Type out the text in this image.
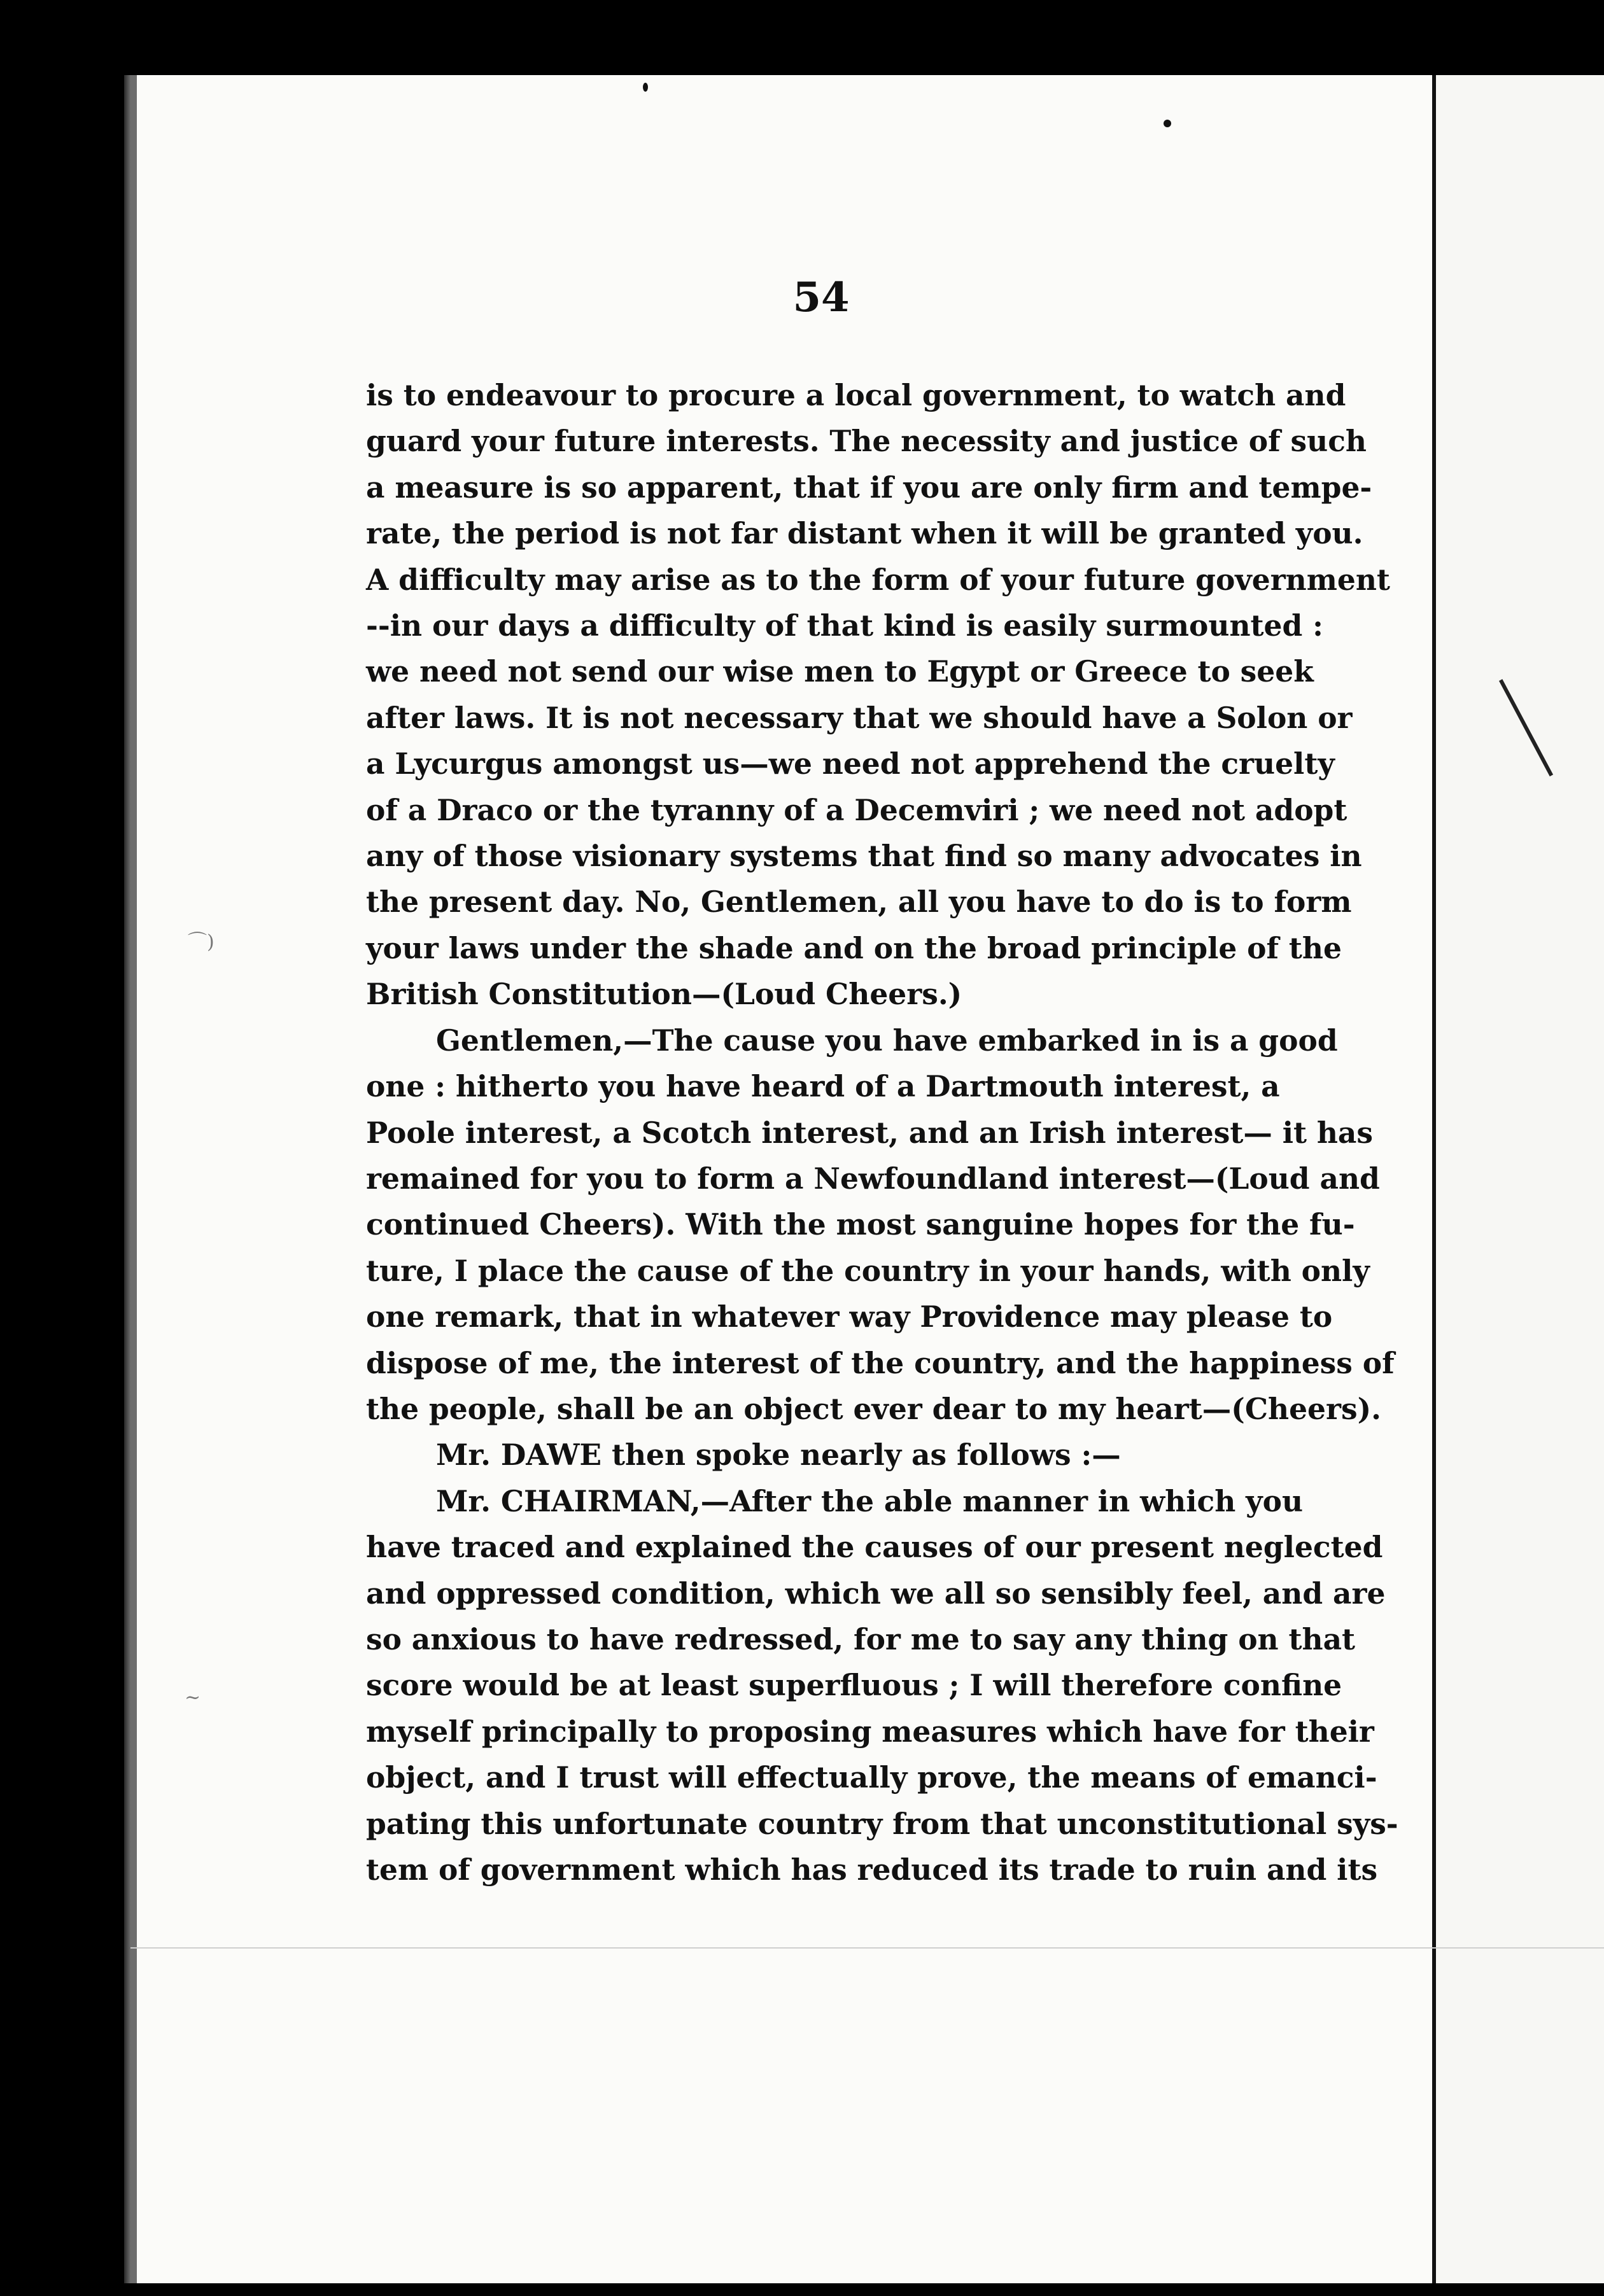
⌒)
~
54
is to endeavour to procure a local government, to watch and
guard your future interests. The necessity and justice of such
a measure is so apparent, that if you are only firm and tempe-
rate, the period is not far distant when it will be granted you.
A difficulty may arise as to the form of your future government
--in our days a difficulty of that kind is easily surmounted :
we need not send our wise men to Egypt or Greece to seek
after laws. It is not necessary that we should have a Solon or
a Lycurgus amongst us—we need not apprehend the cruelty
of a Draco or the tyranny of a Decemviri ; we need not adopt
any of those visionary systems that find so many advocates in
the present day. No, Gentlemen, all you have to do is to form
your laws under the shade and on the broad principle of the
British Constitution—(Loud Cheers.)
Gentlemen,—The cause you have embarked in is a good
one : hitherto you have heard of a Dartmouth interest, a
Poole interest, a Scotch interest, and an Irish interest— it has
remained for you to form a Newfoundland interest—(Loud and
continued Cheers). With the most sanguine hopes for the fu-
ture, I place the cause of the country in your hands, with only
one remark, that in whatever way Providence may please to
dispose of me, the interest of the country, and the happiness of
the people, shall be an object ever dear to my heart—(Cheers).
Mr. DAWE then spoke nearly as follows :—
Mr. CHAIRMAN,—After the able manner in which you
have traced and explained the causes of our present neglected
and oppressed condition, which we all so sensibly feel, and are
so anxious to have redressed, for me to say any thing on that
score would be at least superfluous ; I will therefore confine
myself principally to proposing measures which have for their
object, and I trust will effectually prove, the means of emanci-
pating this unfortunate country from that unconstitutional sys-
tem of government which has reduced its trade to ruin and its
